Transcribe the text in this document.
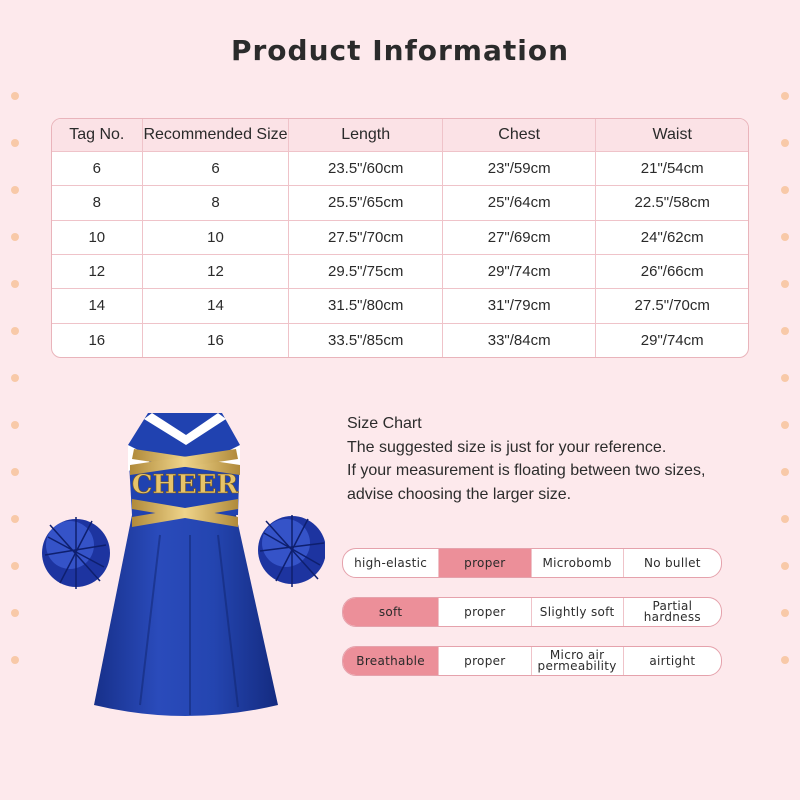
Product Information
Tag No.	Recommended Size	Length	Chest	Waist
6	6	23.5"/60cm	23"/59cm	21"/54cm
8	8	25.5"/65cm	25"/64cm	22.5"/58cm
10	10	27.5"/70cm	27"/69cm	24"/62cm
12	12	29.5"/75cm	29"/74cm	26"/66cm
14	14	31.5"/80cm	31"/79cm	27.5"/70cm
16	16	33.5"/85cm	33"/84cm	29"/74cm
CHEER
Size Chart
The suggested size is just for your reference.
If your measurement is floating between two sizes,
advise choosing the larger size.
high-elastic	proper	Microbomb	No bullet
soft	proper	Slightly soft	Partial hardness
Breathable	proper	Micro air permeability	airtight
